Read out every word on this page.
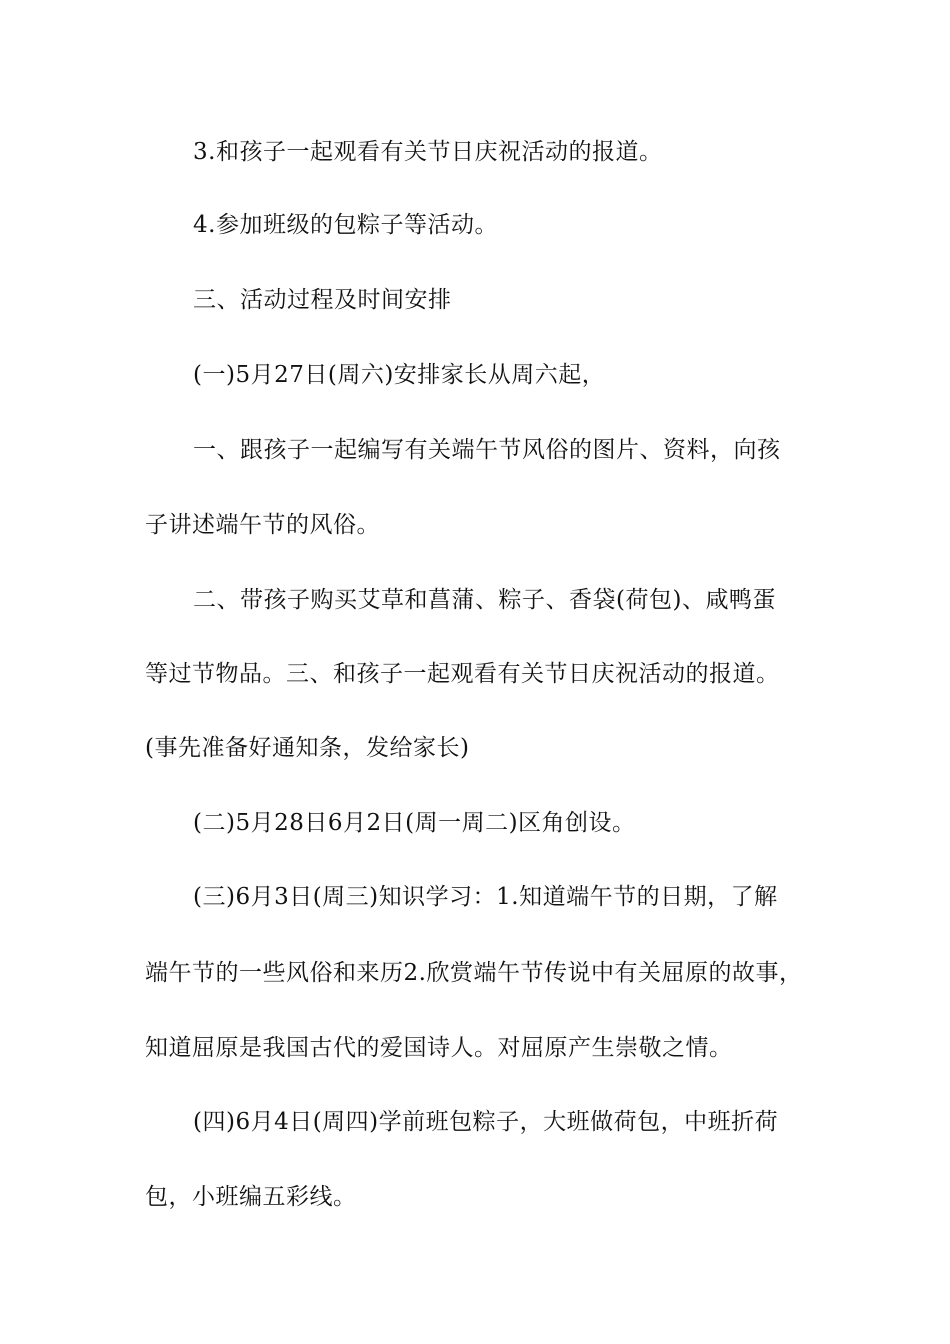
3.和孩子一起观看有关节日庆祝活动的报道。
4.参加班级的包粽子等活动。
三、活动过程及时间安排
(一)5月27日(周六)安排家长从周六起，
一、跟孩子一起编写有关端午节风俗的图片、资料，向孩
子讲述端午节的风俗。
二、带孩子购买艾草和菖蒲、粽子、香袋(荷包)、咸鸭蛋
等过节物品。三、和孩子一起观看有关节日庆祝活动的报道。
(事先准备好通知条，发给家长)
(二)5月28日6月2日(周一周二)区角创设。
(三)6月3日(周三)知识学习：1.知道端午节的日期，了解
端午节的一些风俗和来历2.欣赏端午节传说中有关屈原的故事，
知道屈原是我国古代的爱国诗人。对屈原产生崇敬之情。
(四)6月4日(周四)学前班包粽子，大班做荷包，中班折荷
包，小班编五彩线。
